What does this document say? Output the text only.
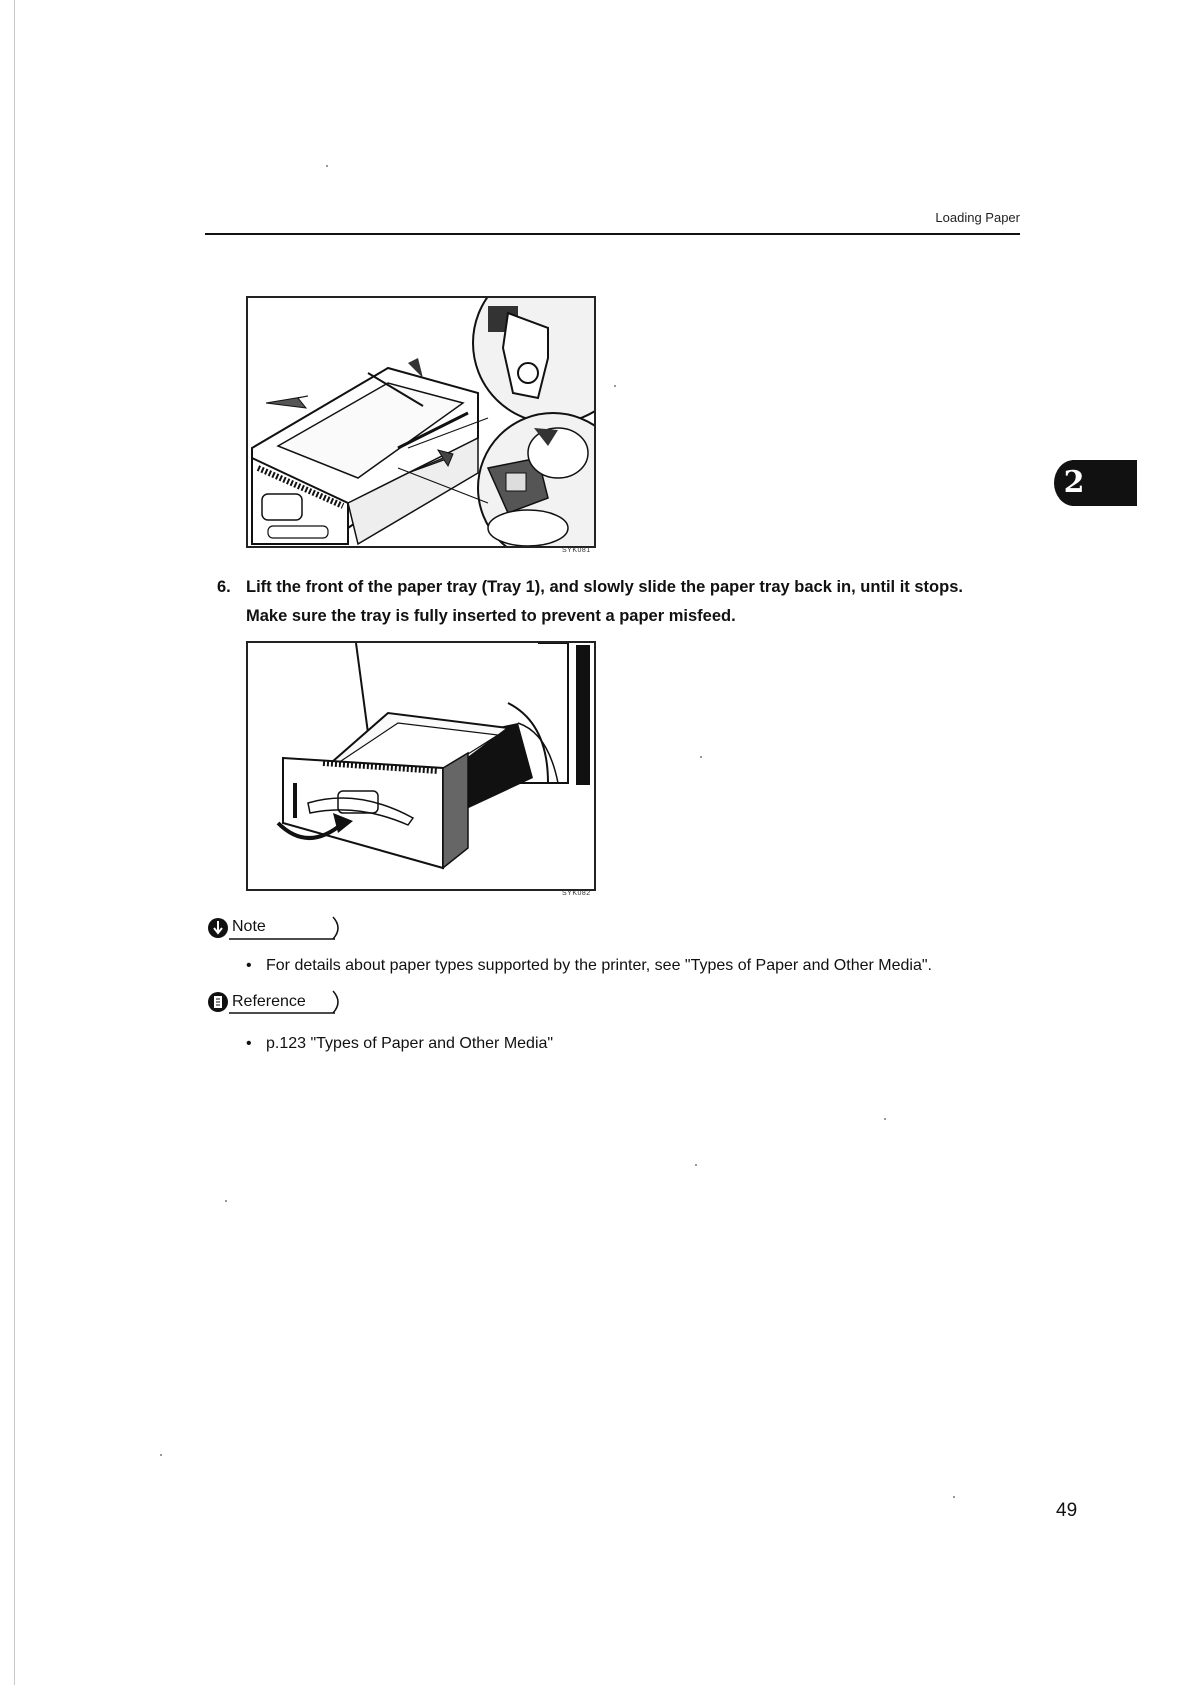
Loading Paper
2
SYK081
6. Lift the front of the paper tray (Tray 1), and slowly slide the paper tray back in, until it stops.
Make sure the tray is fully inserted to prevent a paper misfeed.
SYK082
Note
• For details about paper types supported by the printer, see "Types of Paper and Other Media".
Reference
• p.123 "Types of Paper and Other Media"
49
